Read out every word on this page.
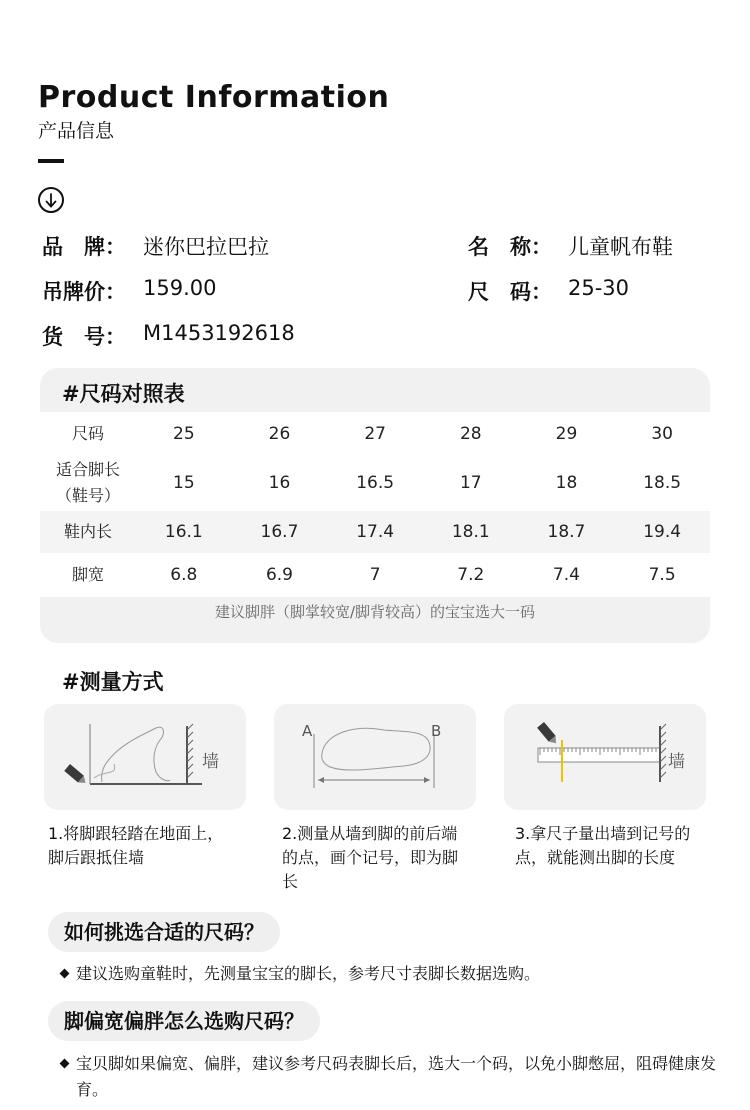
Product Information
产品信息
品　牌： 迷你巴拉巴拉	名　称： 儿童帆布鞋
吊牌价： 159.00	尺　码： 25-30
货　号： M1453192618
#尺码对照表
尺码	25	26	27	28	29	30
适合脚长
（鞋号）	15	16	16.5	17	18	18.5
鞋内长	16.1	16.7	17.4	18.1	18.7	19.4
脚宽	6.8	6.9	7	7.2	7.4	7.5
建议脚胖（脚掌较宽/脚背较高）的宝宝选大一码
#测量方式
墙
A	B
墙
1.将脚跟轻踏在地面上，脚后跟抵住墙
2.测量从墙到脚的前后端的点，画个记号，即为脚长
3.拿尺子量出墙到记号的点，就能测出脚的长度
如何挑选合适的尺码？
建议选购童鞋时，先测量宝宝的脚长，参考尺寸表脚长数据选购。
脚偏宽偏胖怎么选购尺码？
宝贝脚如果偏宽、偏胖，建议参考尺码表脚长后，选大一个码，以免小脚憋屈，阻碍健康发育。
